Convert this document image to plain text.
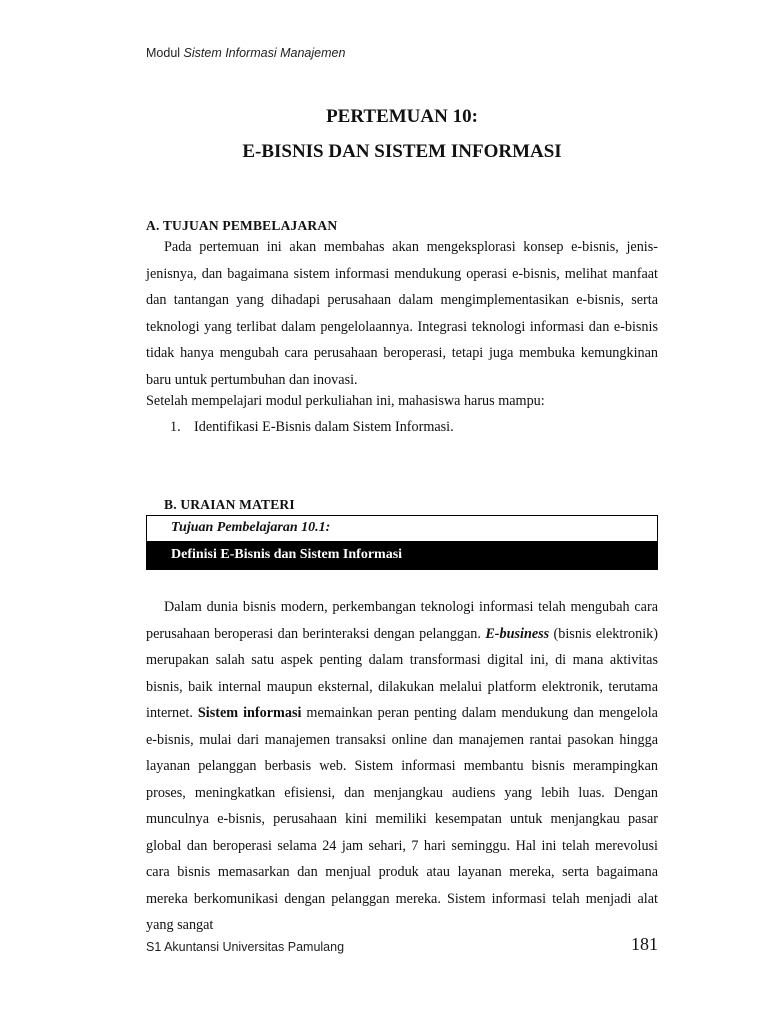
Modul Sistem Informasi Manajemen
PERTEMUAN 10:
E-BISNIS DAN SISTEM INFORMASI
A. TUJUAN PEMBELAJARAN

Pada pertemuan ini akan membahas akan mengeksplorasi konsep e-bisnis, jenis-jenisnya, dan bagaimana sistem informasi mendukung operasi e-bisnis, melihat manfaat dan tantangan yang dihadapi perusahaan dalam mengimplementasikan e-bisnis, serta teknologi yang terlibat dalam pengelolaannya. Integrasi teknologi informasi dan e-bisnis tidak hanya mengubah cara perusahaan beroperasi, tetapi juga membuka kemungkinan baru untuk pertumbuhan dan inovasi.

Setelah mempelajari modul perkuliahan ini, mahasiswa harus mampu:

1. Identifikasi E-Bisnis dalam Sistem Informasi.
B. URAIAN MATERI
Tujuan Pembelajaran 10.1:
Definisi E-Bisnis dan Sistem Informasi

Dalam dunia bisnis modern, perkembangan teknologi informasi telah mengubah cara perusahaan beroperasi dan berinteraksi dengan pelanggan. E-business (bisnis elektronik) merupakan salah satu aspek penting dalam transformasi digital ini, di mana aktivitas bisnis, baik internal maupun eksternal, dilakukan melalui platform elektronik, terutama internet. Sistem informasi memainkan peran penting dalam mendukung dan mengelola e-bisnis, mulai dari manajemen transaksi online dan manajemen rantai pasokan hingga layanan pelanggan berbasis web. Sistem informasi membantu bisnis merampingkan proses, meningkatkan efisiensi, dan menjangkau audiens yang lebih luas. Dengan munculnya e-bisnis, perusahaan kini memiliki kesempatan untuk menjangkau pasar global dan beroperasi selama 24 jam sehari, 7 hari seminggu. Hal ini telah merevolusi cara bisnis memasarkan dan menjual produk atau layanan mereka, serta bagaimana mereka berkomunikasi dengan pelanggan mereka. Sistem informasi telah menjadi alat yang sangat

S1 Akuntansi Universitas Pamulang	181
